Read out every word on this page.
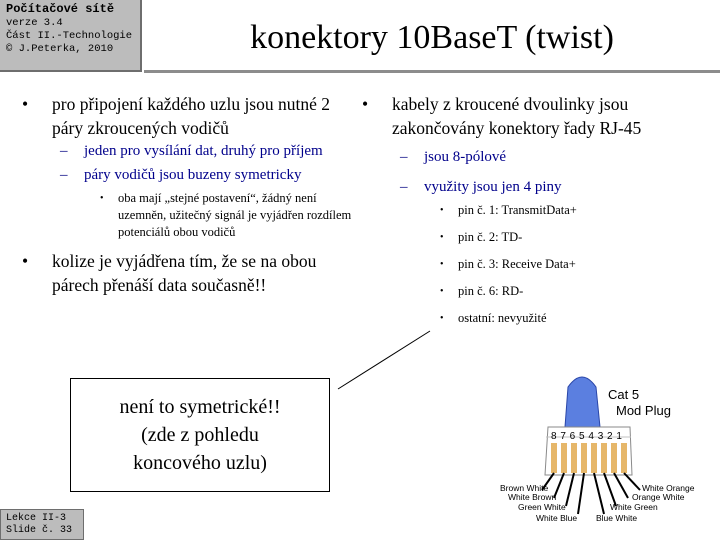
Počítačové sítě
verze 3.4
Část II.-Technologie
© J.Peterka, 2010	konektory 10BaseT (twist)
•	pro připojení každého uzlu jsou nutné 2 páry zkroucených vodičů
–	jeden pro vysílání dat, druhý pro příjem
–	páry vodičů jsou buzeny symetricky
•	oba mají „stejné postavení“, žádný není uzemněn, užitečný signál je vyjádřen rozdílem potenciálů obou vodičů
•	kolize je vyjádřena tím, že se na obou párech přenáší data současně!!
•	kabely z kroucené dvoulinky jsou zakončovány konektory řady RJ-45
–	jsou 8-pólové
–	využity jsou jen 4 piny
•	pin č. 1: TransmitData+
•	pin č. 2: TD-
•	pin č. 3: Receive Data+
•	pin č. 6: RD-
•	ostatní: nevyužité
není to symetrické!!
(zde z pohledu
koncového uzlu)
Cat 5
Mod Plug
8 7 6 5 4 3 2 1
Brown White
White Brown
Green White
White Blue
White Orange
Orange White
White Green
Blue White
Lekce II-3
Slide č. 33
